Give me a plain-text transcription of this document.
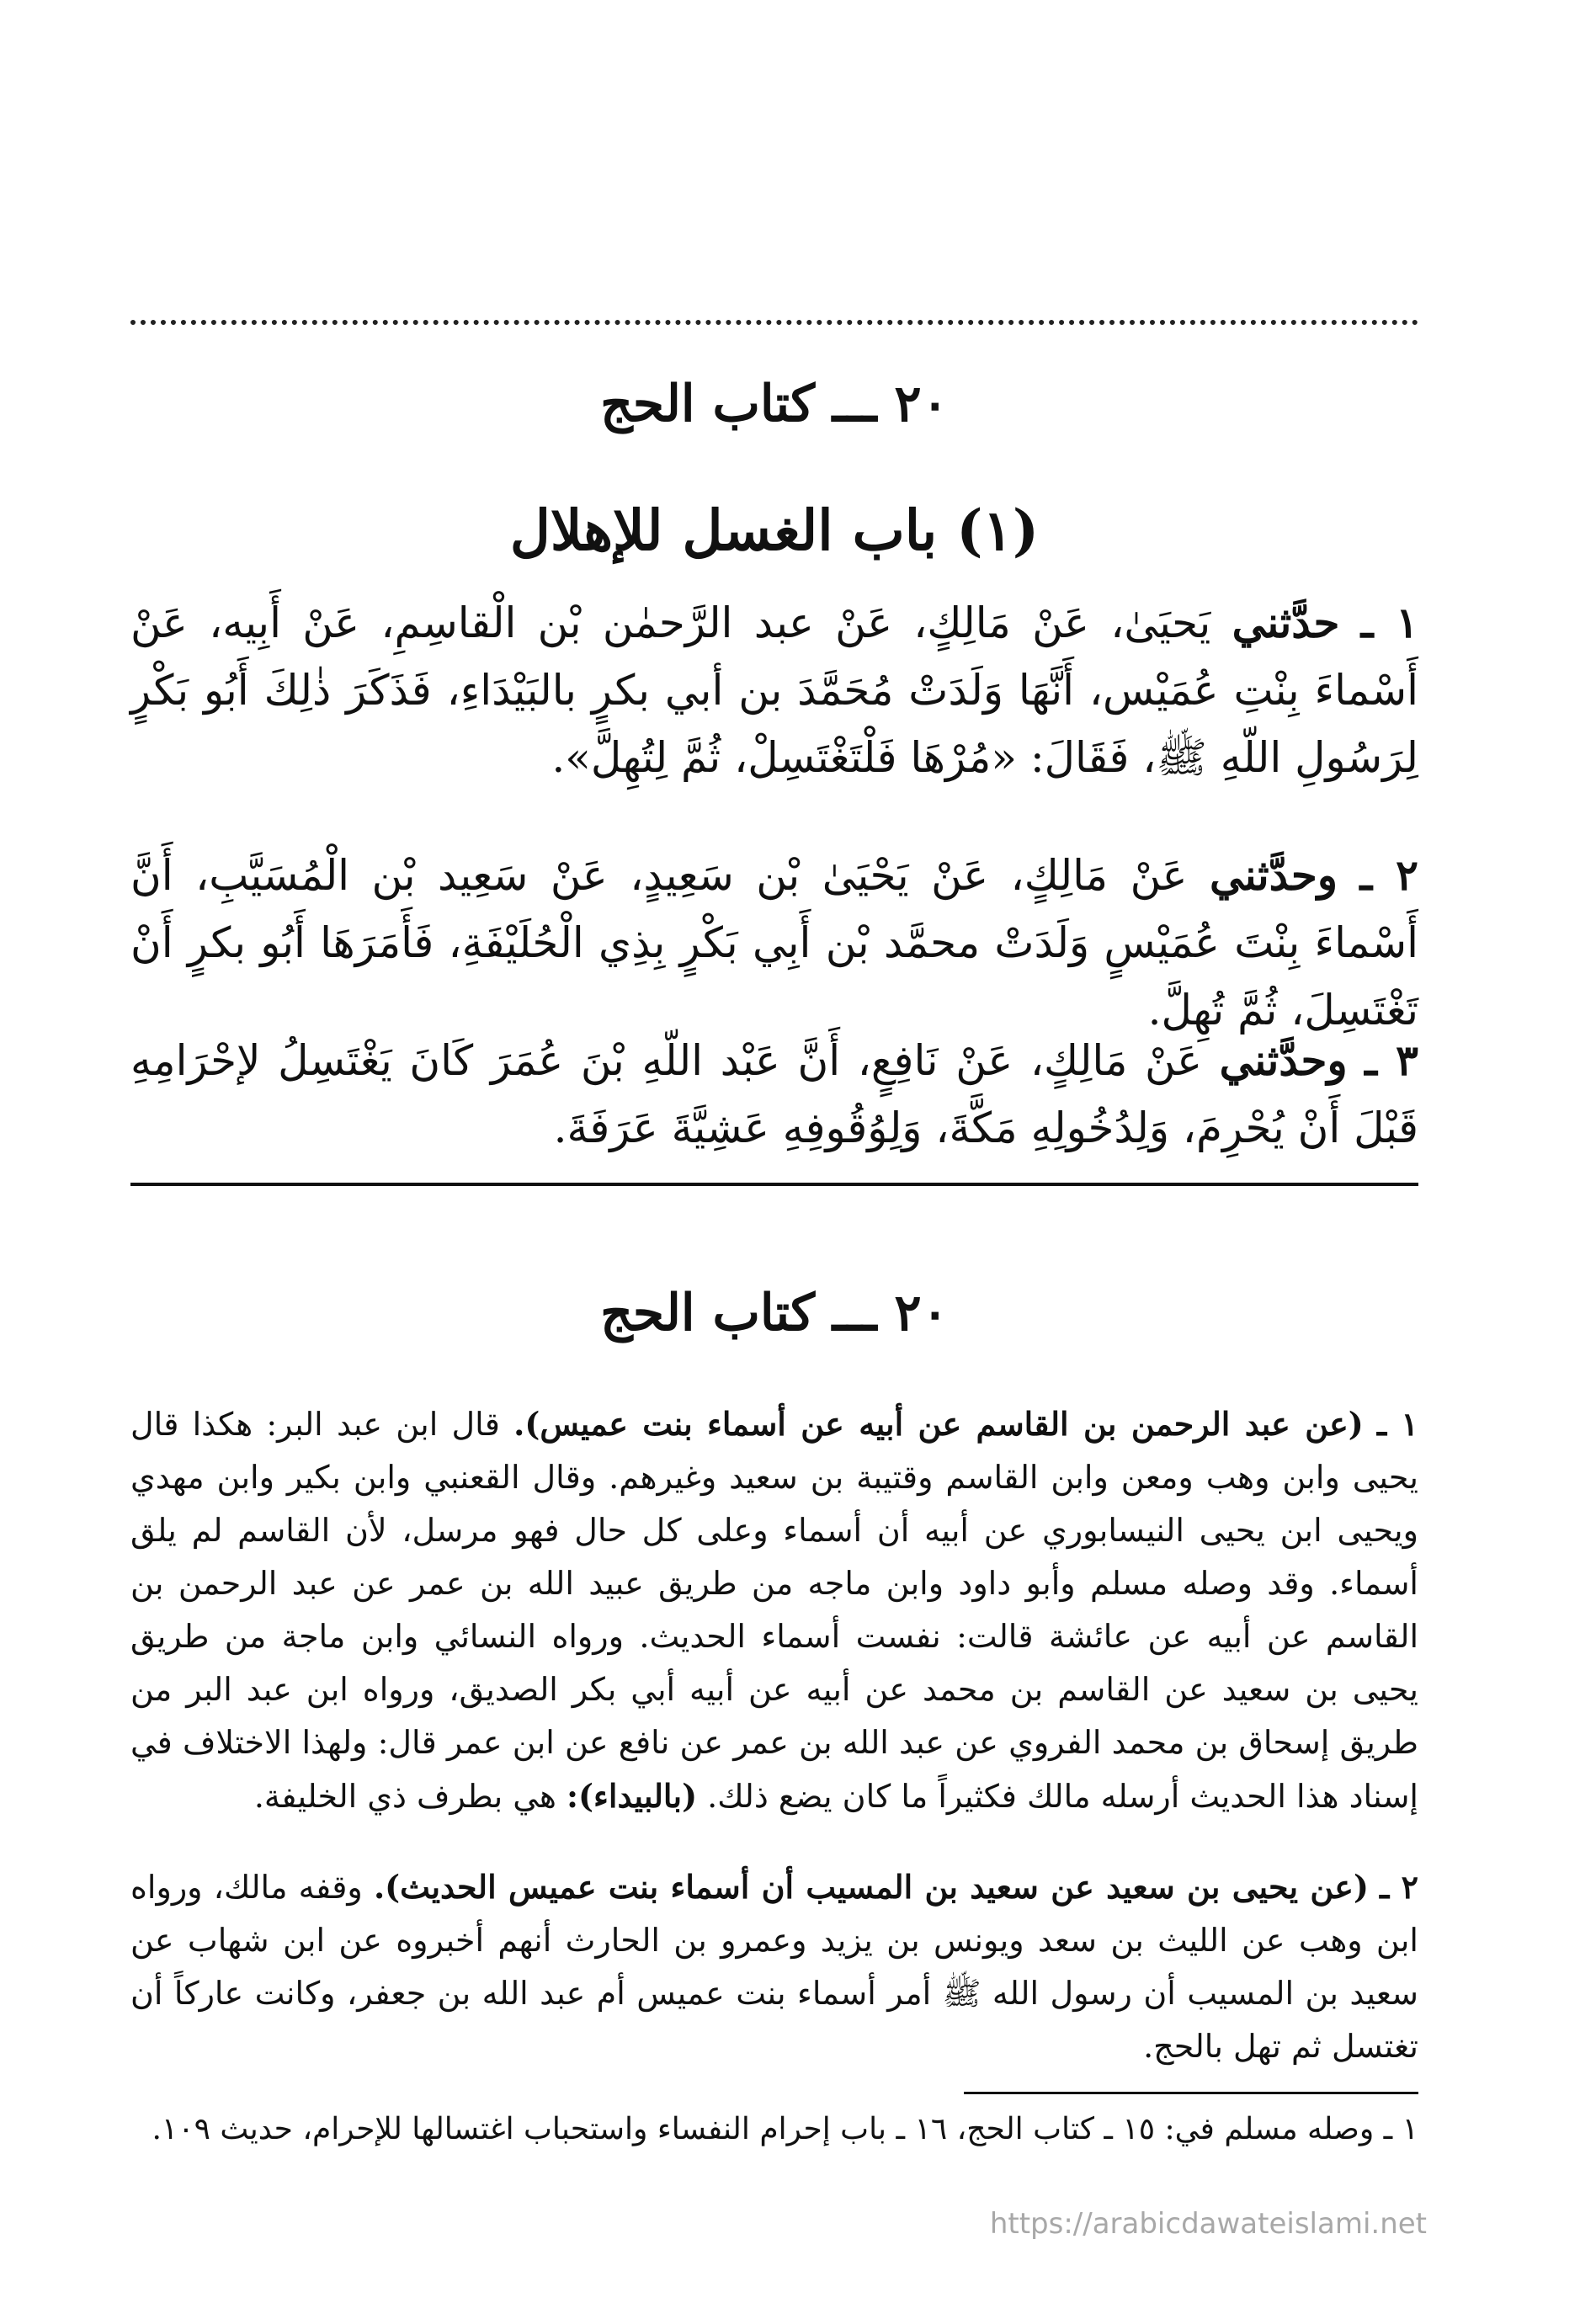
٢٠ ـــ كتاب الحج
(١) باب الغسل للإهلال
١ ـ حدَّثني يَحيَىٰ، عَنْ مَالِكٍ، عَنْ عبد الرَّحمٰن بْن الْقاسِمِ، عَنْ أَبِيه، عَنْ أَسْماءَ بِنْتِ عُمَيْس، أَنَّهَا وَلَدَتْ مُحَمَّدَ بن أبي بكرٍ بالبَيْدَاءِ، فَذَكَرَ ذٰلِكَ أَبُو بَكْرٍ لِرَسُولِ اللّهِ ﷺ، فَقَالَ: «مُرْهَا فَلْتَغْتَسِلْ، ثُمَّ لِتُهِلَّ».
٢ ـ وحدَّثني عَنْ مَالِكٍ، عَنْ يَحْيَىٰ بْن سَعِيدٍ، عَنْ سَعِيد بْن الْمُسَيَّبِ، أَنَّ أَسْماءَ بِنْتَ عُمَيْسٍ وَلَدَتْ محمَّد بْن أَبِي بَكْرٍ بِذِي الْحُلَيْفَةِ، فَأَمَرَهَا أَبُو بكرٍ أَنْ تَغْتَسِلَ، ثُمَّ تُهِلَّ.
٣ ـ وحدَّثني عَنْ مَالِكٍ، عَنْ نَافِعٍ، أَنَّ عَبْد اللّهِ بْنَ عُمَرَ كَانَ يَغْتَسِلُ لإحْرَامِهِ قَبْلَ أَنْ يُحْرِمَ، وَلِدُخُولِهِ مَكَّةَ، وَلِوُقُوفِهِ عَشِيَّةَ عَرَفَةَ.
٢٠ ـــ كتاب الحج
١ ـ (عن عبد الرحمن بن القاسم عن أبيه عن أسماء بنت عميس). قال ابن عبد البر: هكذا قال يحيى وابن وهب ومعن وابن القاسم وقتيبة بن سعيد وغيرهم. وقال القعنبي وابن بكير وابن مهدي ويحيى ابن يحيى النيسابوري عن أبيه أن أسماء وعلى كل حال فهو مرسل، لأن القاسم لم يلق أسماء. وقد وصله مسلم وأبو داود وابن ماجه من طريق عبيد الله بن عمر عن عبد الرحمن بن القاسم عن أبيه عن عائشة قالت: نفست أسماء الحديث. ورواه النسائي وابن ماجة من طريق يحيى بن سعيد عن القاسم بن محمد عن أبيه عن أبيه أبي بكر الصديق، ورواه ابن عبد البر من طريق إسحاق بن محمد الفروي عن عبد الله بن عمر عن نافع عن ابن عمر قال: ولهذا الاختلاف في إسناد هذا الحديث أرسله مالك فكثيراً ما كان يضع ذلك. (بالبيداء): هي بطرف ذي الخليفة.
٢ ـ (عن يحيى بن سعيد عن سعيد بن المسيب أن أسماء بنت عميس الحديث). وقفه مالك، ورواه ابن وهب عن الليث بن سعد ويونس بن يزيد وعمرو بن الحارث أنهم أخبروه عن ابن شهاب عن سعيد بن المسيب أن رسول الله ﷺ أمر أسماء بنت عميس أم عبد الله بن جعفر، وكانت عاركاً أن تغتسل ثم تهل بالحج.
١ ـ وصله مسلم في: ١٥ ـ كتاب الحج، ١٦ ـ باب إحرام النفساء واستحباب اغتسالها للإحرام، حديث ١٠٩.
https://arabicdawateislami.net
